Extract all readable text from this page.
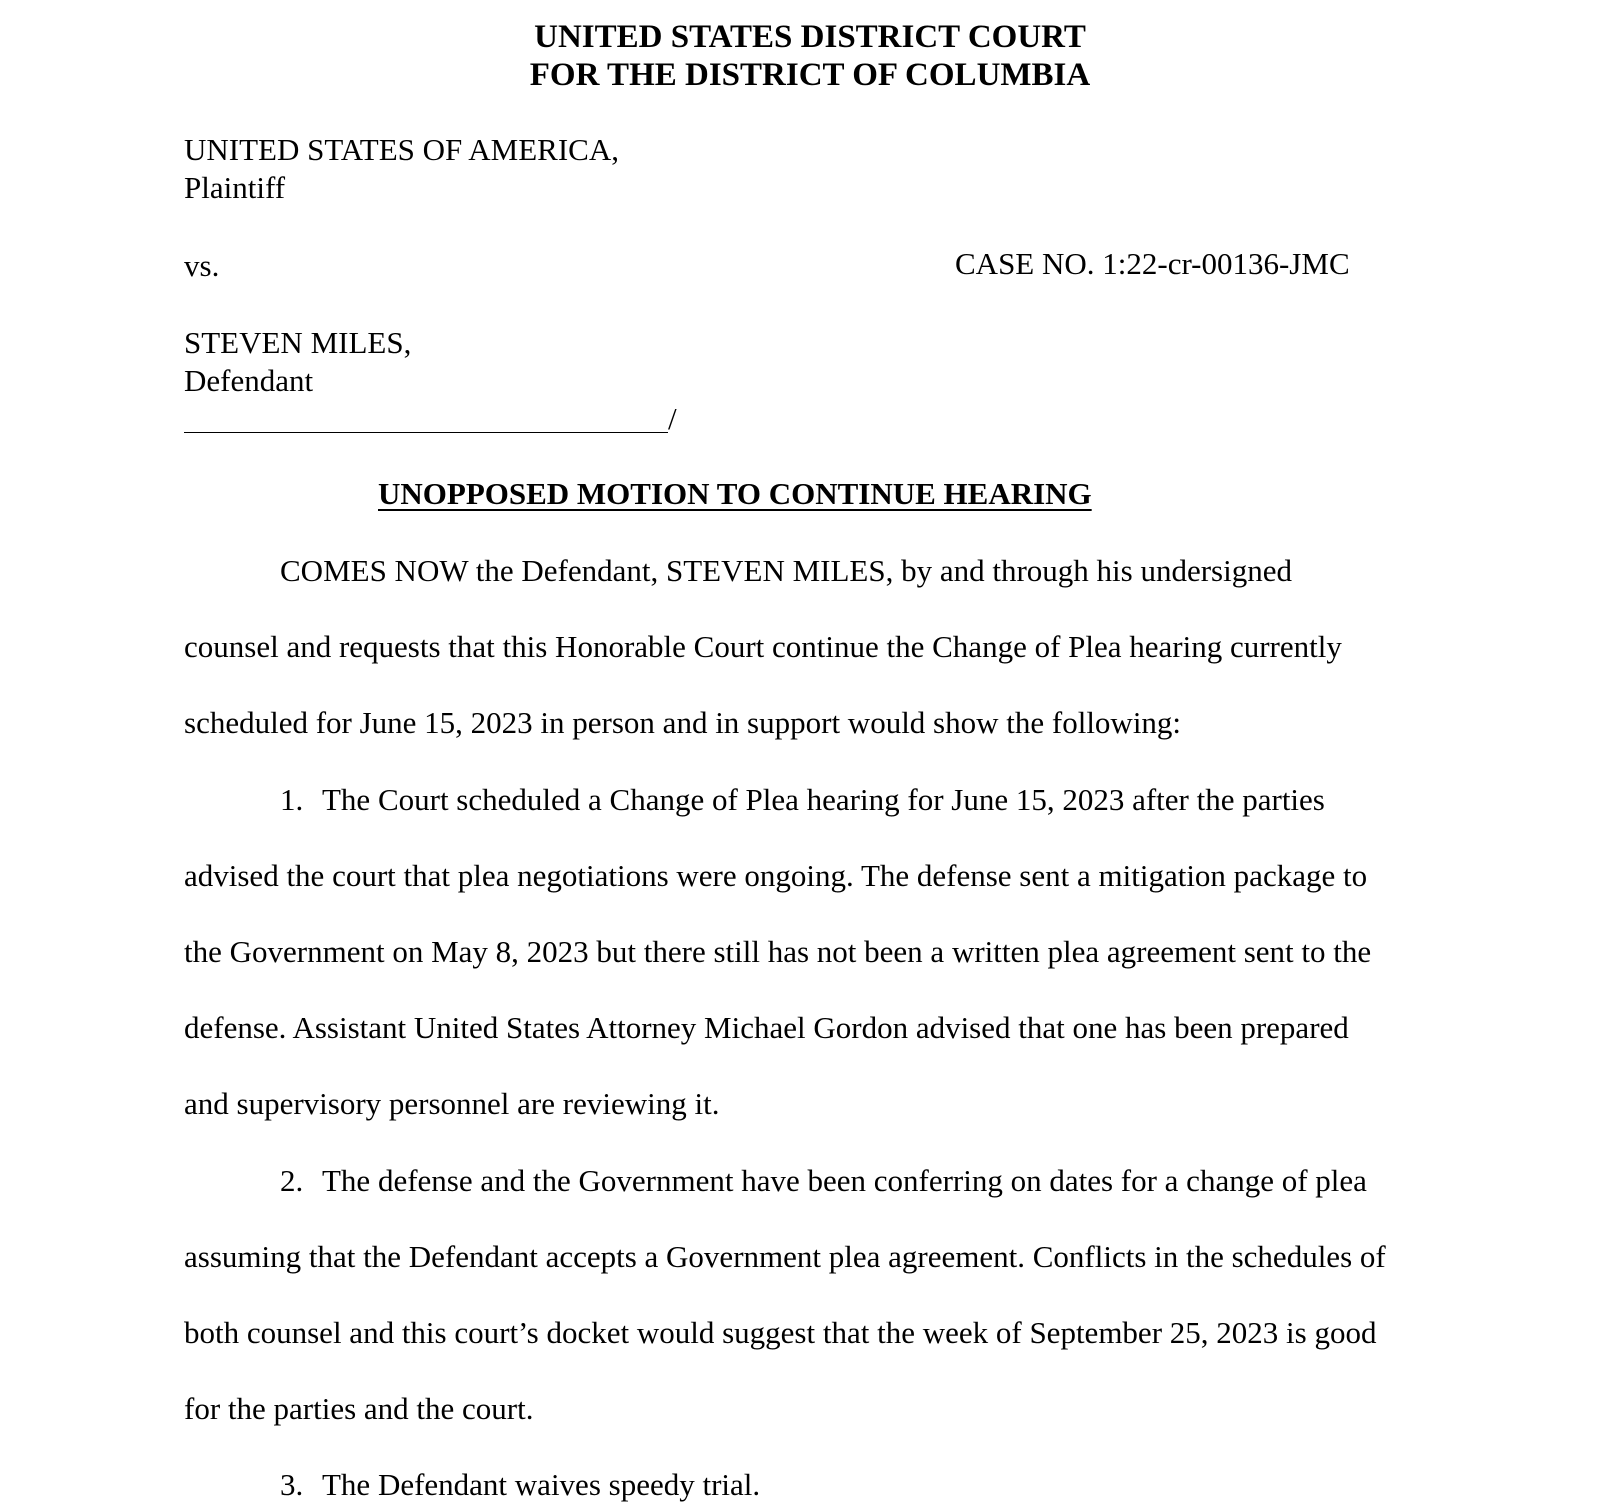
UNITED STATES DISTRICT COURT
FOR THE DISTRICT OF COLUMBIA
UNITED STATES OF AMERICA,
Plaintiff
vs.	CASE NO. 1:22-cr-00136-JMC
STEVEN MILES,
Defendant
/
UNOPPOSED MOTION TO CONTINUE HEARING
COMES NOW the Defendant, STEVEN MILES, by and through his undersigned
counsel and requests that this Honorable Court continue the Change of Plea hearing currently
scheduled for June 15, 2023 in person and in support would show the following:
1. The Court scheduled a Change of Plea hearing for June 15, 2023 after the parties
advised the court that plea negotiations were ongoing. The defense sent a mitigation package to
the Government on May 8, 2023 but there still has not been a written plea agreement sent to the
defense. Assistant United States Attorney Michael Gordon advised that one has been prepared
and supervisory personnel are reviewing it.
2. The defense and the Government have been conferring on dates for a change of plea
assuming that the Defendant accepts a Government plea agreement. Conflicts in the schedules of
both counsel and this court’s docket would suggest that the week of September 25, 2023 is good
for the parties and the court.
3. The Defendant waives speedy trial.
